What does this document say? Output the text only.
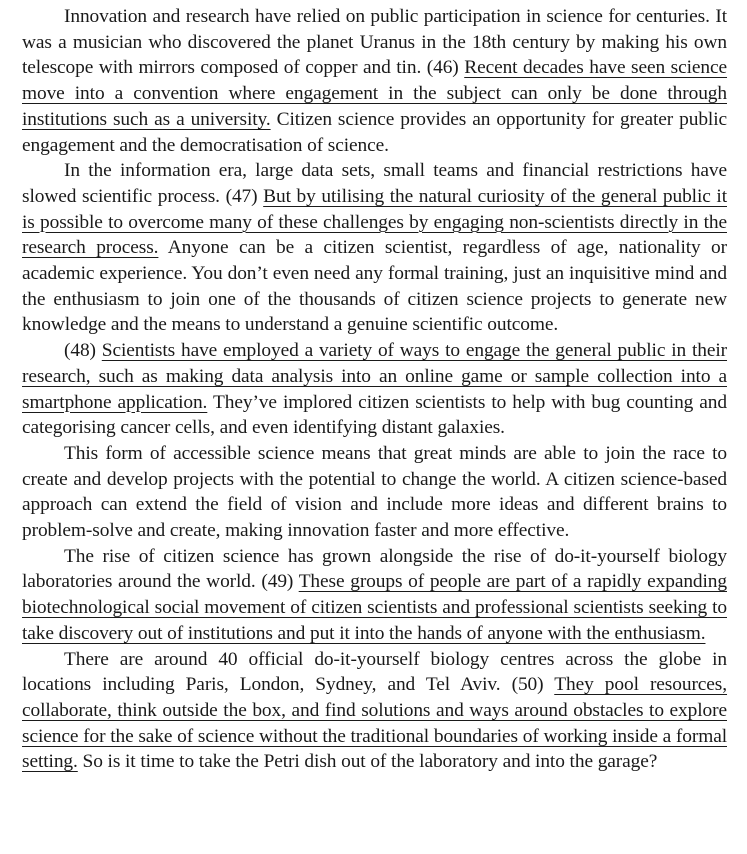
Innovation and research have relied on public participation in science for centuries. It was a musician who discovered the planet Uranus in the 18th century by making his own telescope with mirrors composed of copper and tin. (46) Recent decades have seen science move into a convention where engagement in the subject can only be done through institutions such as a university. Citizen science provides an opportunity for greater public engagement and the democratisation of science.

In the information era, large data sets, small teams and financial restrictions have slowed scientific process. (47) But by utilising the natural curiosity of the general public it is possible to overcome many of these challenges by engaging non-scientists directly in the research process. Anyone can be a citizen scientist, regardless of age, nationality or academic experience. You don’t even need any formal training, just an inquisitive mind and the enthusiasm to join one of the thousands of citizen science projects to generate new knowledge and the means to understand a genuine scientific outcome.

(48) Scientists have employed a variety of ways to engage the general public in their research, such as making data analysis into an online game or sample collection into a smartphone application. They’ve implored citizen scientists to help with bug counting and categorising cancer cells, and even identifying distant galaxies.

This form of accessible science means that great minds are able to join the race to create and develop projects with the potential to change the world. A citizen science-based approach can extend the field of vision and include more ideas and different brains to problem-solve and create, making innovation faster and more effective.

The rise of citizen science has grown alongside the rise of do-it-yourself biology laboratories around the world. (49) These groups of people are part of a rapidly expanding biotechnological social movement of citizen scientists and professional scientists seeking to take discovery out of institutions and put it into the hands of anyone with the enthusiasm.

There are around 40 official do-it-yourself biology centres across the globe in locations including Paris, London, Sydney, and Tel Aviv. (50) They pool resources, collaborate, think outside the box, and find solutions and ways around obstacles to explore science for the sake of science without the traditional boundaries of working inside a formal setting. So is it time to take the Petri dish out of the laboratory and into the garage?
